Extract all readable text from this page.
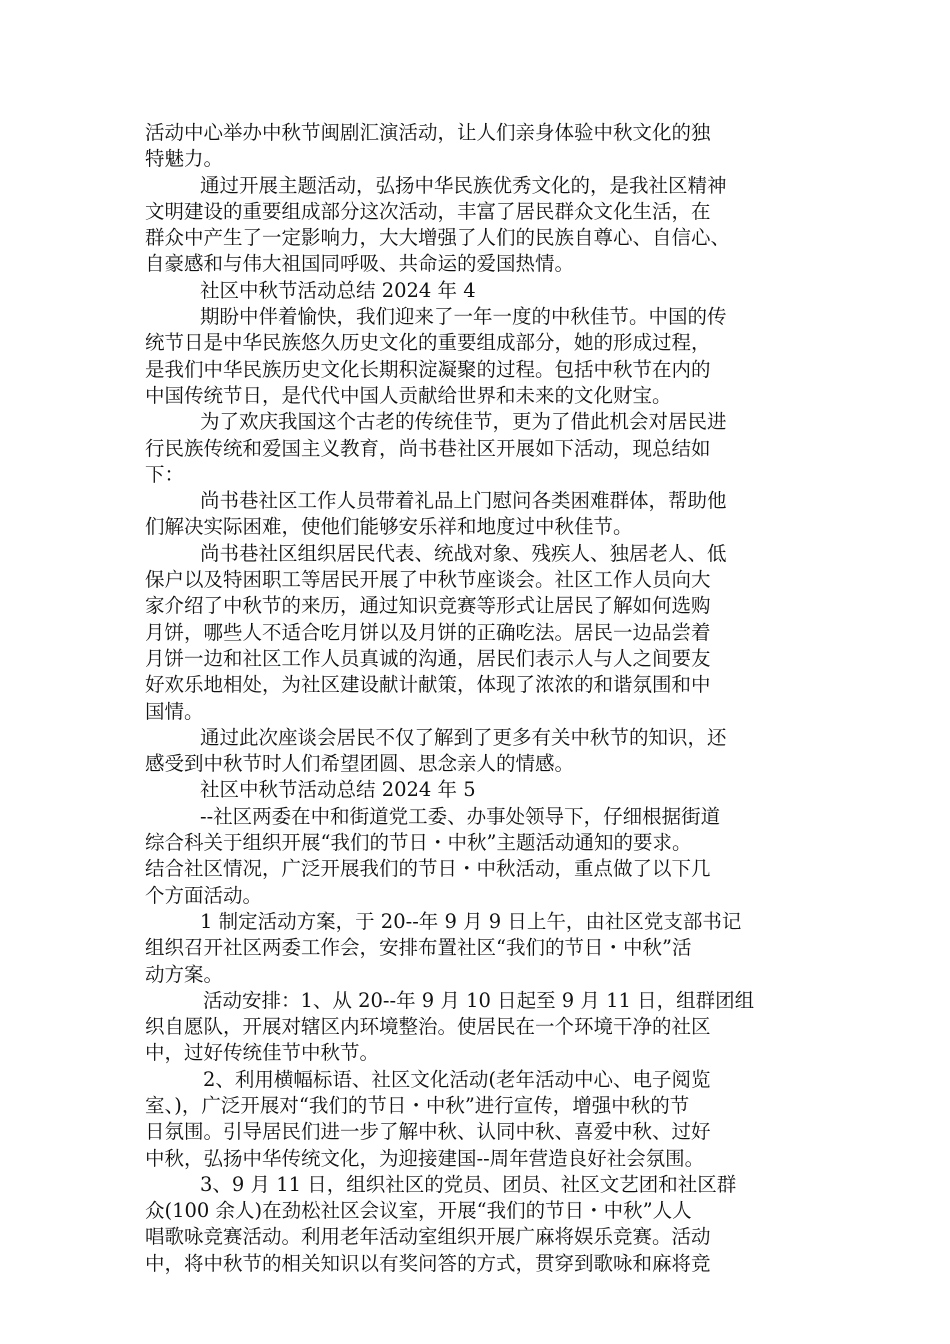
活动中心举办中秋节闽剧汇演活动，让人们亲身体验中秋文化的独
特魅力。
通过开展主题活动，弘扬中华民族优秀文化的，是我社区精神
文明建设的重要组成部分这次活动，丰富了居民群众文化生活，在
群众中产生了一定影响力，大大增强了人们的民族自尊心、自信心、
自豪感和与伟大祖国同呼吸、共命运的爱国热情。
社区中秋节活动总结 2024 年 4
期盼中伴着愉快，我们迎来了一年一度的中秋佳节。中国的传
统节日是中华民族悠久历史文化的重要组成部分，她的形成过程，
是我们中华民族历史文化长期积淀凝聚的过程。包括中秋节在内的
中国传统节日，是代代中国人贡献给世界和未来的文化财宝。
为了欢庆我国这个古老的传统佳节，更为了借此机会对居民进
行民族传统和爱国主义教育，尚书巷社区开展如下活动，现总结如
下：
尚书巷社区工作人员带着礼品上门慰问各类困难群体，帮助他
们解决实际困难，使他们能够安乐祥和地度过中秋佳节。
尚书巷社区组织居民代表、统战对象、残疾人、独居老人、低
保户以及特困职工等居民开展了中秋节座谈会。社区工作人员向大
家介绍了中秋节的来历，通过知识竞赛等形式让居民了解如何选购
月饼，哪些人不适合吃月饼以及月饼的正确吃法。居民一边品尝着
月饼一边和社区工作人员真诚的沟通，居民们表示人与人之间要友
好欢乐地相处，为社区建设献计献策，体现了浓浓的和谐氛围和中
国情。
通过此次座谈会居民不仅了解到了更多有关中秋节的知识，还
感受到中秋节时人们希望团圆、思念亲人的情感。
社区中秋节活动总结 2024 年 5
--社区两委在中和街道党工委、办事处领导下，仔细根据街道
综合科关于组织开展“我们的节日・中秋”主题活动通知的要求。
结合社区情况，广泛开展我们的节日・中秋活动，重点做了以下几
个方面活动。
1 制定活动方案，于 20--年 9 月 9 日上午，由社区党支部书记
组织召开社区两委工作会，安排布置社区“我们的节日・中秋”活
动方案。
活动安排：1、从 20--年 9 月 10 日起至 9 月 11 日，组群团组
织自愿队，开展对辖区内环境整治。使居民在一个环境干净的社区
中，过好传统佳节中秋节。
2、利用横幅标语、社区文化活动(老年活动中心、电子阅览
室、)，广泛开展对“我们的节日・中秋”进行宣传，增强中秋的节
日氛围。引导居民们进一步了解中秋、认同中秋、喜爱中秋、过好
中秋，弘扬中华传统文化，为迎接建国--周年营造良好社会氛围。
3、9 月 11 日，组织社区的党员、团员、社区文艺团和社区群
众(100 余人)在劲松社区会议室，开展“我们的节日・中秋”人人
唱歌咏竞赛活动。利用老年活动室组织开展广麻将娱乐竞赛。活动
中，将中秋节的相关知识以有奖问答的方式，贯穿到歌咏和麻将竞
